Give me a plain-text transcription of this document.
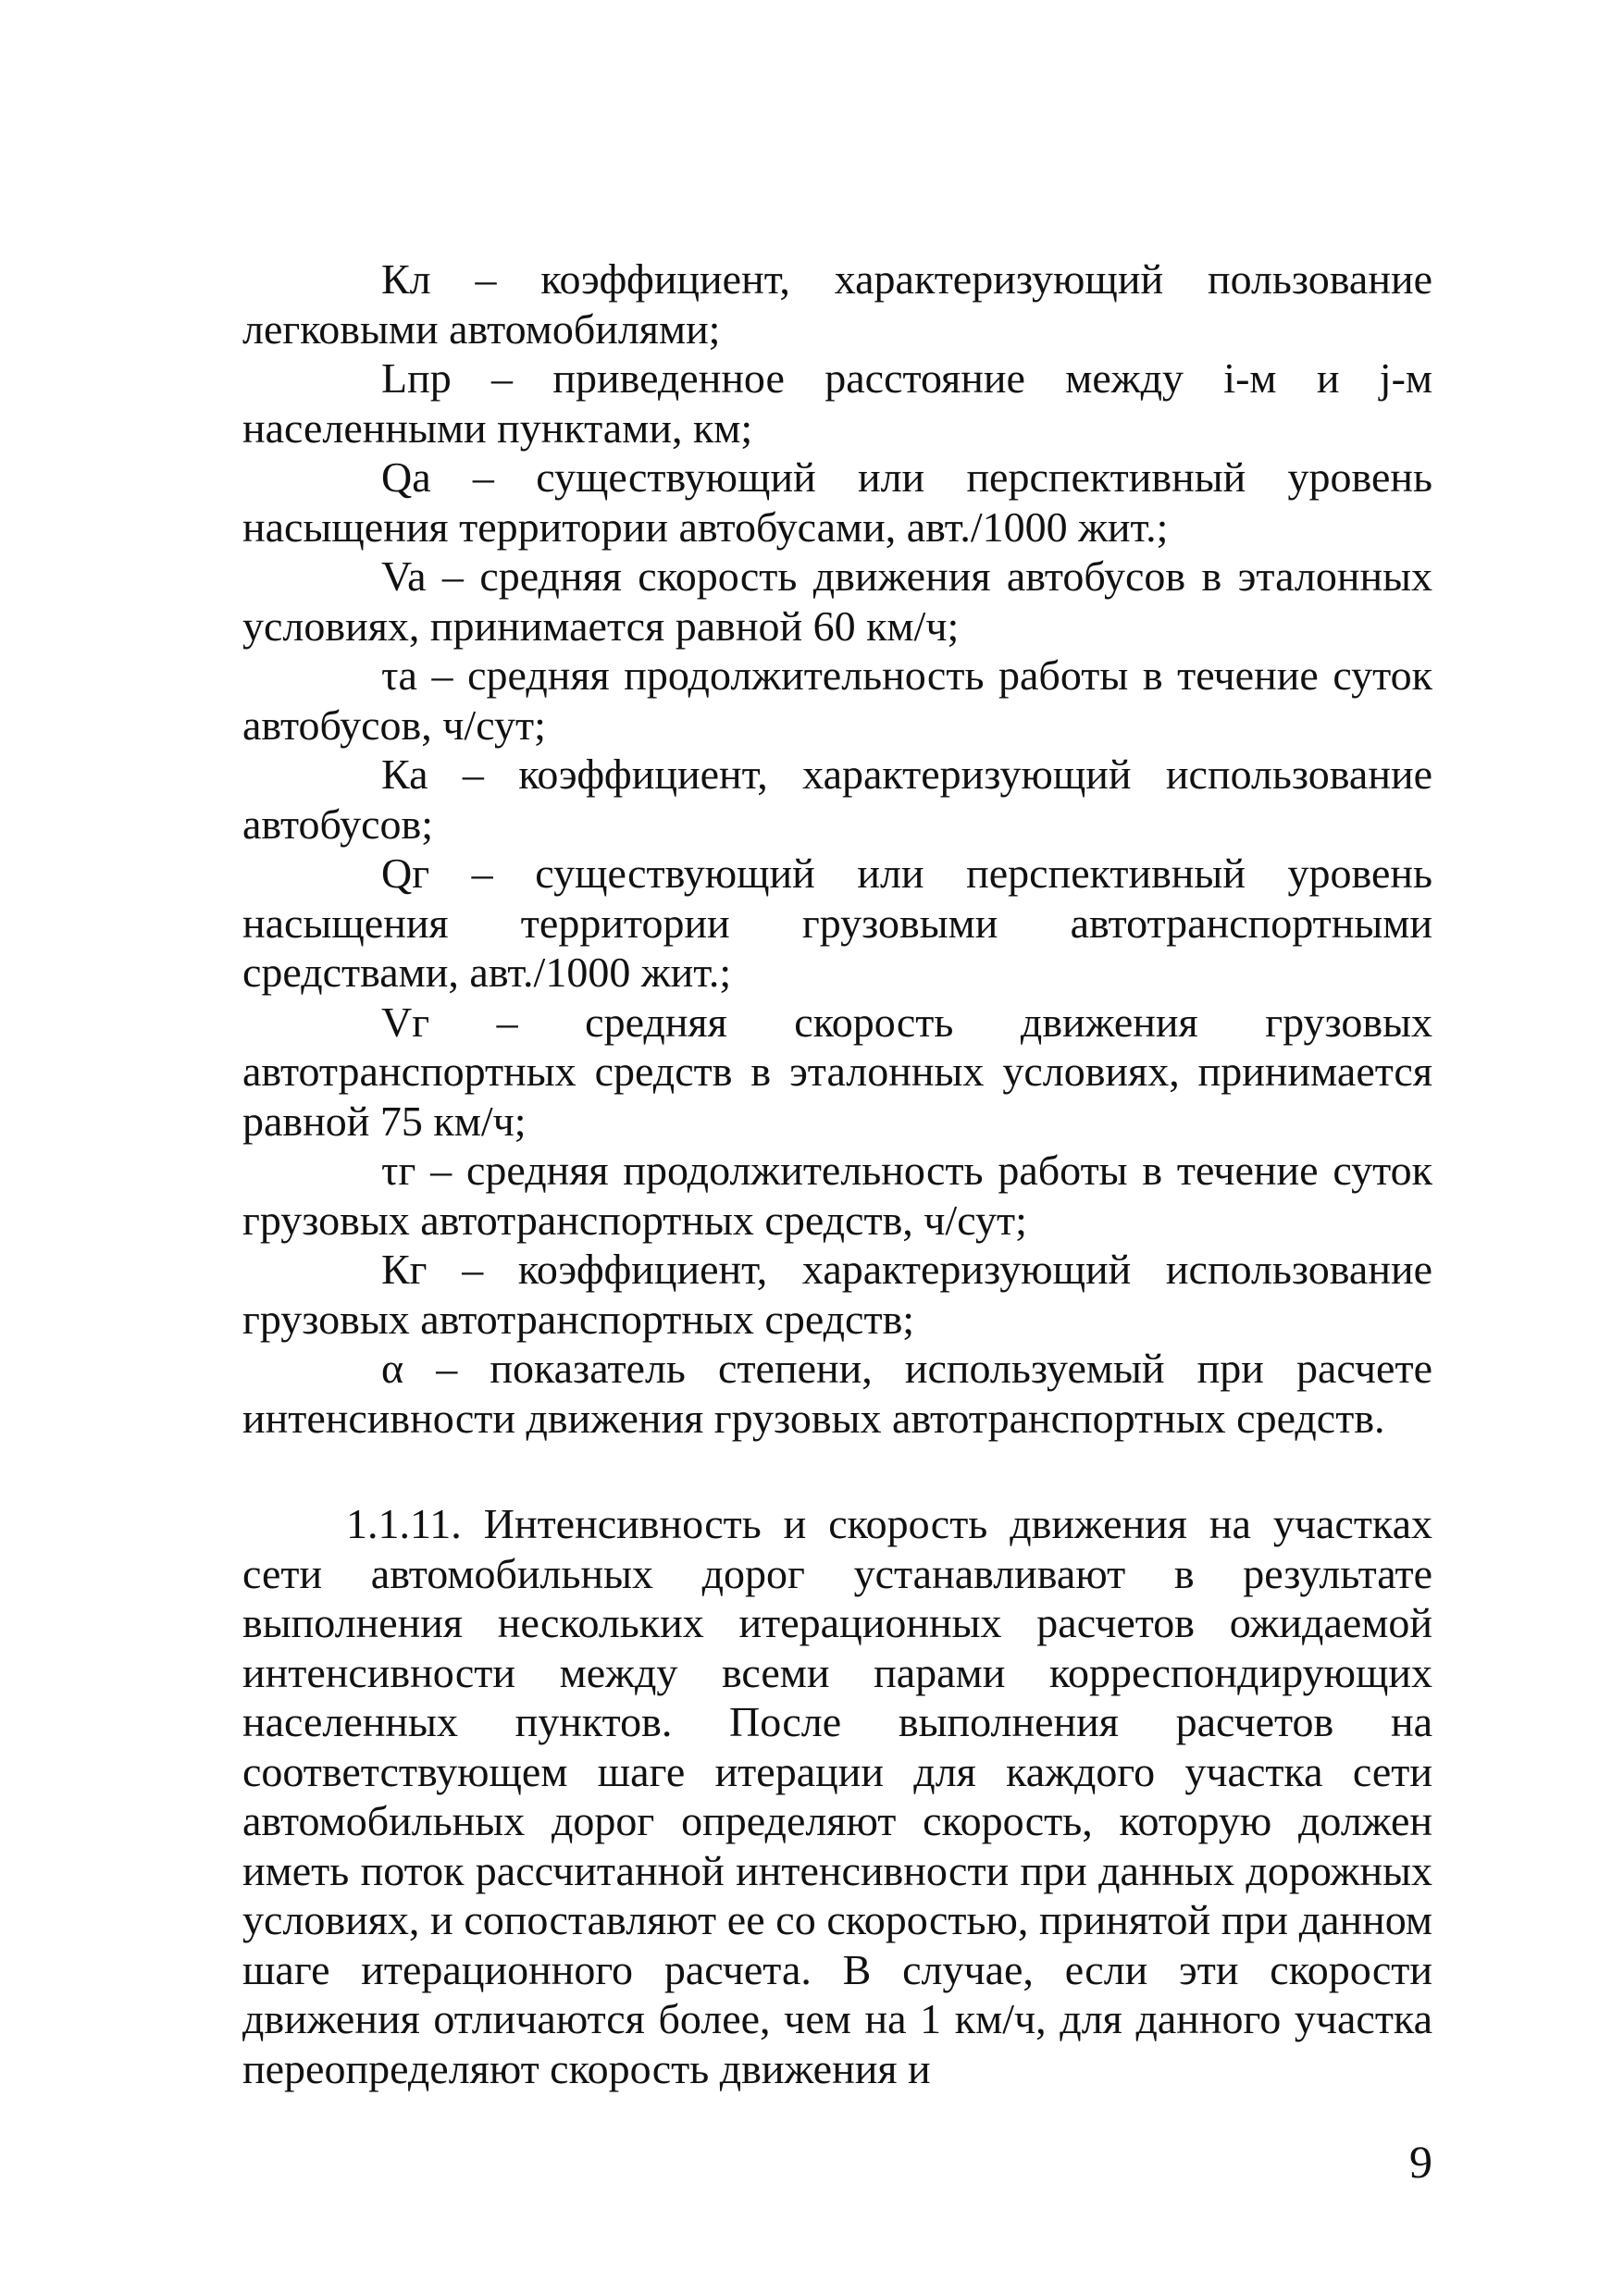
Кл – коэффициент, характеризующий пользование легковыми автомобилями;

Lпр – приведенное расстояние между i-м и j-м населенными пунктами, км;

Qa – существующий или перспективный уровень насыщения территории автобусами, авт./1000 жит.;

Va – средняя скорость движения автобусов в эталонных условиях, принимается равной 60 км/ч;

τa – средняя продолжительность работы в течение суток автобусов, ч/сут;

Ка – коэффициент, характеризующий использование автобусов;

Qг – существующий или перспективный уровень насыщения территории грузовыми автотранспортными средствами, авт./1000 жит.;

Vг – средняя скорость движения грузовых автотранспортных средств в эталонных условиях, принимается равной 75 км/ч;

τг – средняя продолжительность работы в течение суток грузовых автотранспортных средств, ч/сут;

Кг – коэффициент, характеризующий использование грузовых автотранспортных средств;

α – показатель степени, используемый при расчете интенсивности движения грузовых автотранспортных средств.

1.1.11. Интенсивность и скорость движения на участках сети автомобильных дорог устанавливают в результате выполнения нескольких итерационных расчетов ожидаемой интенсивности между всеми парами корреспондирующих населенных пунктов. После выполнения расчетов на соответствующем шаге итерации для каждого участка сети автомобильных дорог определяют скорость, которую должен иметь поток рассчитанной интенсивности при данных дорожных условиях, и сопоставляют ее со скоростью, принятой при данном шаге итерационного расчета. В случае, если эти скорости движения отличаются более, чем на 1 км/ч, для данного участка переопределяют скорость движения и

9
